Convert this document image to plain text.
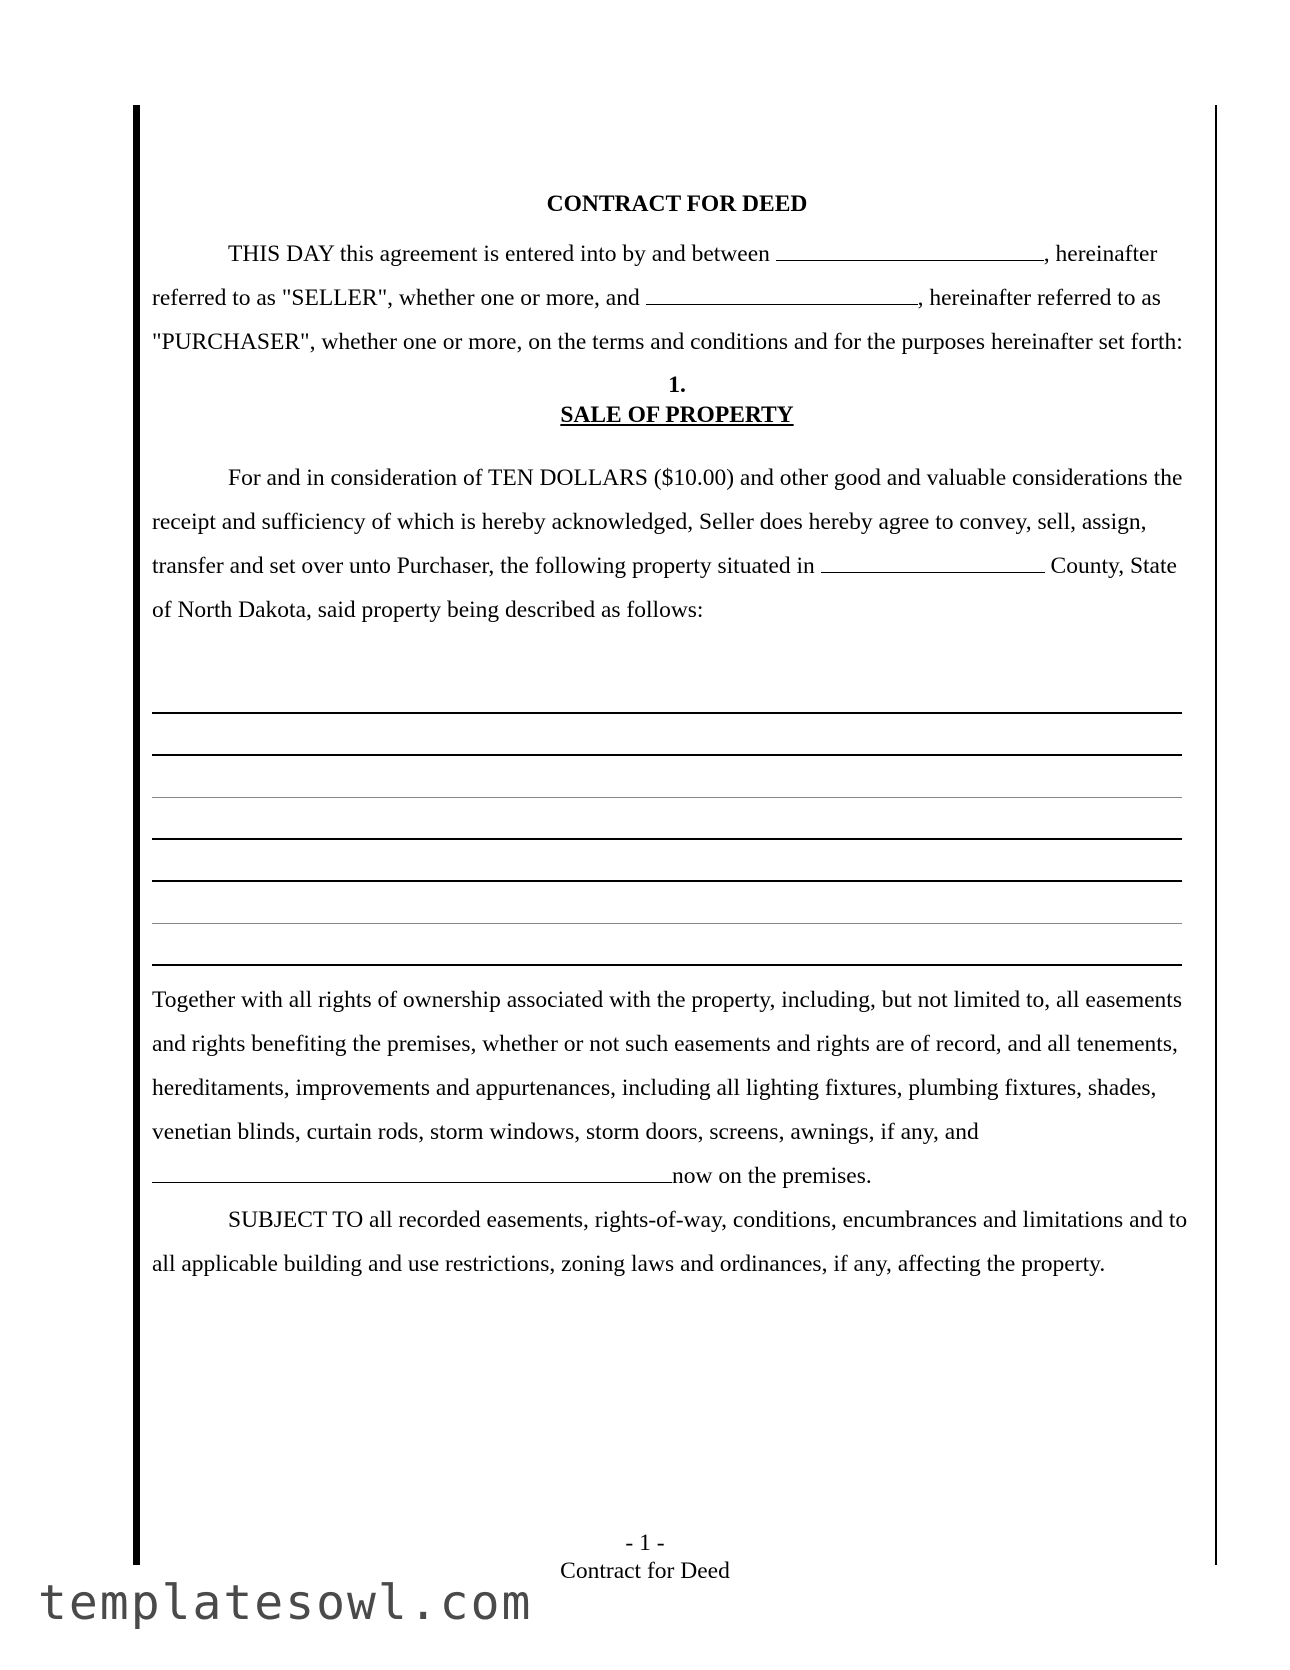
CONTRACT FOR DEED

THIS DAY this agreement is entered into by and between	, hereinafter referred to as "SELLER", whether one or more, and	, hereinafter referred to as "PURCHASER", whether one or more, on the terms and conditions and for the purposes hereinafter set forth:

1.
SALE OF PROPERTY

For and in consideration of TEN DOLLARS ($10.00) and other good and valuable considerations the receipt and sufficiency of which is hereby acknowledged, Seller does hereby agree to convey, sell, assign, transfer and set over unto Purchaser, the following property situated in	County, State of North Dakota, said property being described as follows:

Together with all rights of ownership associated with the property, including, but not limited to, all easements and rights benefiting the premises, whether or not such easements and rights are of record, and all tenements, hereditaments, improvements and appurtenances, including all lighting fixtures, plumbing fixtures, shades, venetian blinds, curtain rods, storm windows, storm doors, screens, awnings, if any, and now on the premises.

SUBJECT TO all recorded easements, rights-of-way, conditions, encumbrances and limitations and to all applicable building and use restrictions, zoning laws and ordinances, if any, affecting the property.

- 1 -
Contract for Deed
templatesowl.com
